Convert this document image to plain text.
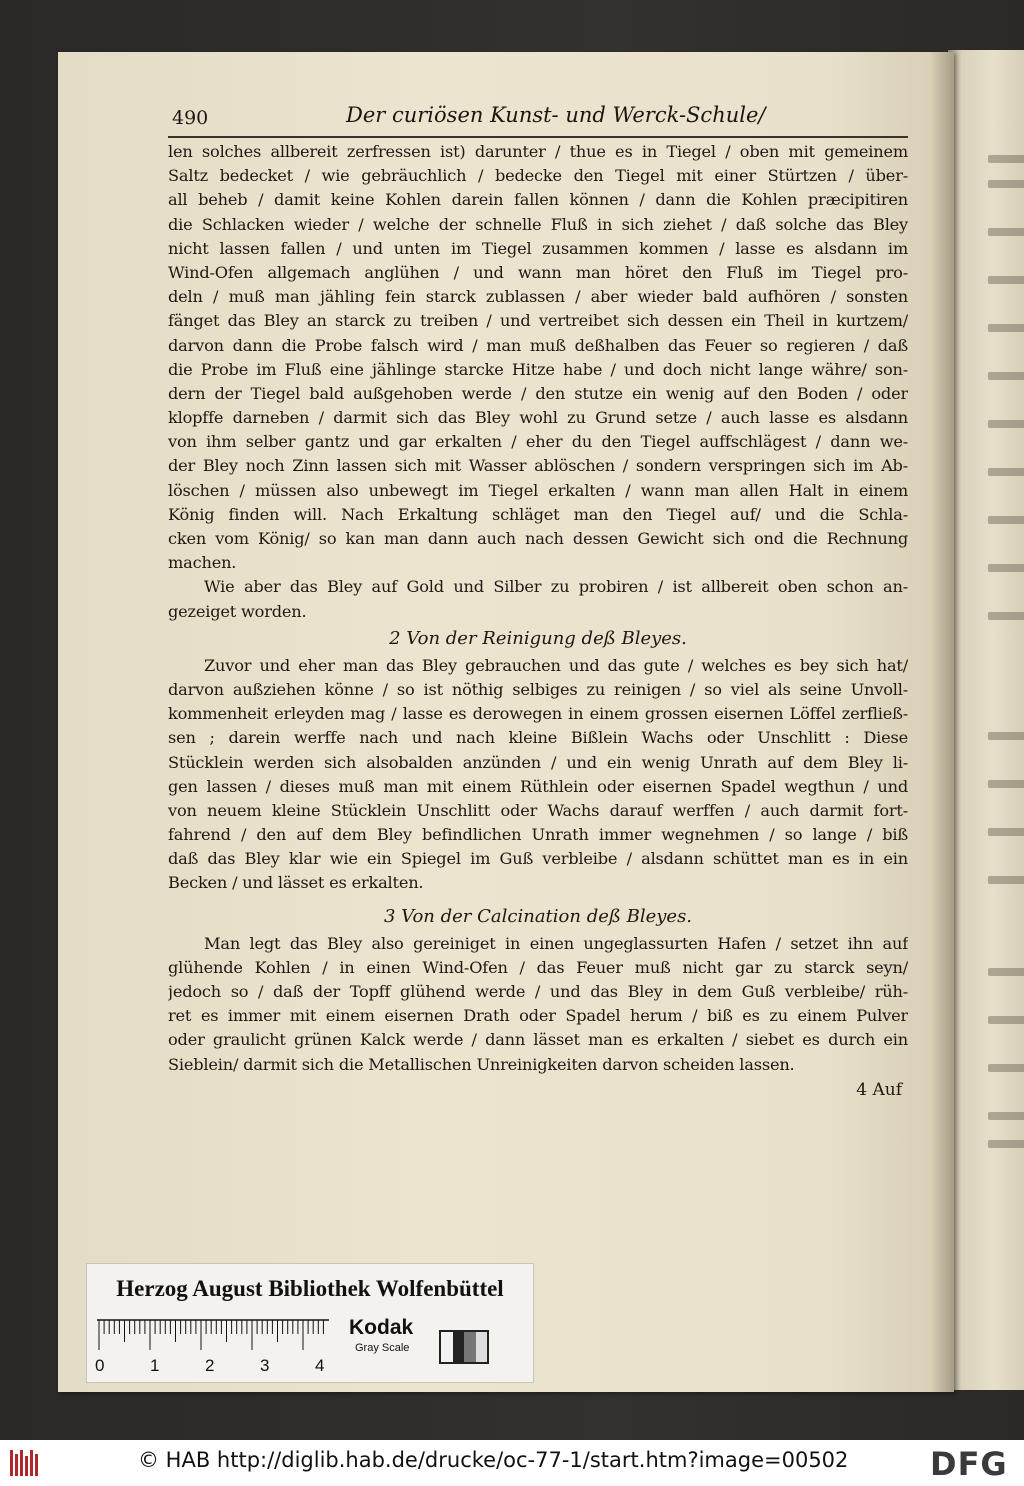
490	Der curiösen Kunst- und Werck-Schule/
len solches allbereit zerfressen ist) darunter / thue es in Tiegel / oben mit gemeinem
Saltz bedecket / wie gebräuchlich / bedecke den Tiegel mit einer Stürtzen / über-
all beheb / damit keine Kohlen darein fallen können / dann die Kohlen præcipitiren
die Schlacken wieder / welche der schnelle Fluß in sich ziehet / daß solche das Bley
nicht lassen fallen / und unten im Tiegel zusammen kommen / lasse es alsdann im
Wind-Ofen allgemach anglühen / und wann man höret den Fluß im Tiegel pro-
deln / muß man jähling fein starck zublassen / aber wieder bald aufhören / sonsten
fänget das Bley an starck zu treiben / und vertreibet sich dessen ein Theil in kurtzem/
darvon dann die Probe falsch wird / man muß deßhalben das Feuer so regieren / daß
die Probe im Fluß eine jählinge starcke Hitze habe / und doch nicht lange währe/ son-
dern der Tiegel bald außgehoben werde / den stutze ein wenig auf den Boden / oder
klopffe darneben / darmit sich das Bley wohl zu Grund setze / auch lasse es alsdann
von ihm selber gantz und gar erkalten / eher du den Tiegel auffschlägest / dann we-
der Bley noch Zinn lassen sich mit Wasser ablöschen / sondern verspringen sich im Ab-
löschen / müssen also unbewegt im Tiegel erkalten / wann man allen Halt in einem
König finden will. Nach Erkaltung schläget man den Tiegel auf/ und die Schla-
cken vom König/ so kan man dann auch nach dessen Gewicht sich ond die Rechnung
machen.
Wie aber das Bley auf Gold und Silber zu probiren / ist allbereit oben schon an-
gezeiget worden.
2 Von der Reinigung deß Bleyes.
Zuvor und eher man das Bley gebrauchen und das gute / welches es bey sich hat/
darvon außziehen könne / so ist nöthig selbiges zu reinigen / so viel als seine Unvoll-
kommenheit erleyden mag / lasse es derowegen in einem grossen eisernen Löffel zerfließ-
sen ; darein werffe nach und nach kleine Bißlein Wachs oder Unschlitt : Diese
Stücklein werden sich alsobalden anzünden / und ein wenig Unrath auf dem Bley li-
gen lassen / dieses muß man mit einem Rüthlein oder eisernen Spadel wegthun / und
von neuem kleine Stücklein Unschlitt oder Wachs darauf werffen / auch darmit fort-
fahrend / den auf dem Bley befindlichen Unrath immer wegnehmen / so lange / biß
daß das Bley klar wie ein Spiegel im Guß verbleibe / alsdann schüttet man es in ein
Becken / und lässet es erkalten.
3 Von der Calcination deß Bleyes.
Man legt das Bley also gereiniget in einen ungeglassurten Hafen / setzet ihn auf
glühende Kohlen / in einen Wind-Ofen / das Feuer muß nicht gar zu starck seyn/
jedoch so / daß der Topff glühend werde / und das Bley in dem Guß verbleibe/ rüh-
ret es immer mit einem eisernen Drath oder Spadel herum / biß es zu einem Pulver
oder graulicht grünen Kalck werde / dann lässet man es erkalten / siebet es durch ein
Sieblein/ darmit sich die Metallischen Unreinigkeiten darvon scheiden lassen.
4 Auf
Herzog August Bibliothek Wolfenbüttel
0	1	2	3	4
Kodak
Gray Scale
© HAB http://diglib.hab.de/drucke/oc-77-1/start.htm?image=00502	DFG
